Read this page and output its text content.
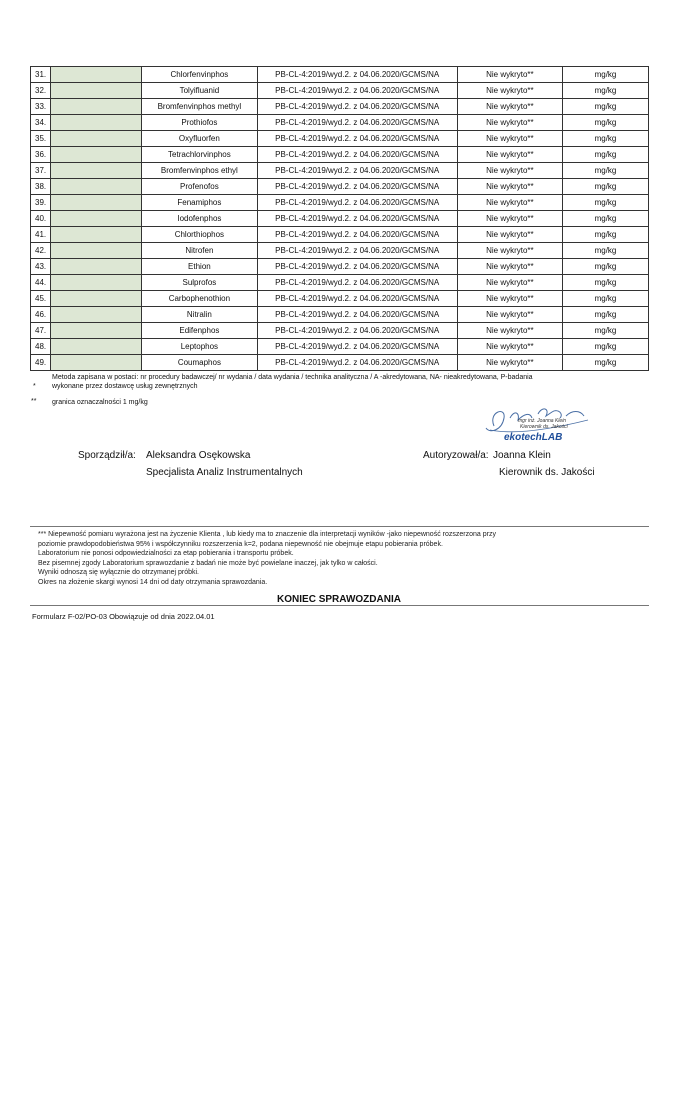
31.		Chlorfenvinphos	PB-CL-4:2019/wyd.2. z 04.06.2020/GCMS/NA	Nie wykryto**	mg/kg
32.		Tolyifluanid	PB-CL-4:2019/wyd.2. z 04.06.2020/GCMS/NA	Nie wykryto**	mg/kg
33.		Bromfenvinphos methyl	PB-CL-4:2019/wyd.2. z 04.06.2020/GCMS/NA	Nie wykryto**	mg/kg
34.		Prothiofos	PB-CL-4:2019/wyd.2. z 04.06.2020/GCMS/NA	Nie wykryto**	mg/kg
35.		Oxyfluorfen	PB-CL-4:2019/wyd.2. z 04.06.2020/GCMS/NA	Nie wykryto**	mg/kg
36.		Tetrachlorvinphos	PB-CL-4:2019/wyd.2. z 04.06.2020/GCMS/NA	Nie wykryto**	mg/kg
37.		Bromfenvinphos ethyl	PB-CL-4:2019/wyd.2. z 04.06.2020/GCMS/NA	Nie wykryto**	mg/kg
38.		Profenofos	PB-CL-4:2019/wyd.2. z 04.06.2020/GCMS/NA	Nie wykryto**	mg/kg
39.		Fenamiphos	PB-CL-4:2019/wyd.2. z 04.06.2020/GCMS/NA	Nie wykryto**	mg/kg
40.		Iodofenphos	PB-CL-4:2019/wyd.2. z 04.06.2020/GCMS/NA	Nie wykryto**	mg/kg
41.		Chlorthiophos	PB-CL-4:2019/wyd.2. z 04.06.2020/GCMS/NA	Nie wykryto**	mg/kg
42.		Nitrofen	PB-CL-4:2019/wyd.2. z 04.06.2020/GCMS/NA	Nie wykryto**	mg/kg
43.		Ethion	PB-CL-4:2019/wyd.2. z 04.06.2020/GCMS/NA	Nie wykryto**	mg/kg
44.		Sulprofos	PB-CL-4:2019/wyd.2. z 04.06.2020/GCMS/NA	Nie wykryto**	mg/kg
45.		Carbophenothion	PB-CL-4:2019/wyd.2. z 04.06.2020/GCMS/NA	Nie wykryto**	mg/kg
46.		Nitralin	PB-CL-4:2019/wyd.2. z 04.06.2020/GCMS/NA	Nie wykryto**	mg/kg
47.		Edifenphos	PB-CL-4:2019/wyd.2. z 04.06.2020/GCMS/NA	Nie wykryto**	mg/kg
48.		Leptophos	PB-CL-4:2019/wyd.2. z 04.06.2020/GCMS/NA	Nie wykryto**	mg/kg
49.		Coumaphos	PB-CL-4:2019/wyd.2. z 04.06.2020/GCMS/NA	Nie wykryto**	mg/kg
Metoda zapisana w postaci: nr procedury badawczej/ nr wydania / data wydania / technika analityczna / A -akredytowana, NA- nieakredytowana, P-badania
* wykonane przez dostawcę usług zewnętrznych
** granica oznaczalności 1 mg/kg
mgr inż. Joanna Klein
Kierownik ds. Jakości
ekotechLAB
Sporządził/a: Aleksandra Osękowska
Specjalista Analiz Instrumentalnych
Autoryzował/a: Joanna Klein
Kierownik ds. Jakości
*** Niepewność pomiaru wyrażona jest na życzenie Klienta , lub kiedy ma to znaczenie dla interpretacji wyników -jako niepewność rozszerzona przy
poziomie prawdopodobieństwa 95% i współczynniku rozszerzenia k=2, podana niepewność nie obejmuje etapu pobierania próbek.
Laboratorium nie ponosi odpowiedzialności za etap pobierania i transportu próbek.
Bez pisemnej zgody Laboratorium sprawozdanie z badań nie może być powielane inaczej, jak tylko w całości.
Wyniki odnoszą się wyłącznie do otrzymanej próbki.
Okres na złożenie skargi wynosi 14 dni od daty otrzymania sprawozdania.
KONIEC SPRAWOZDANIA
Formularz F-02/PO-03 Obowiązuje od dnia 2022.04.01
